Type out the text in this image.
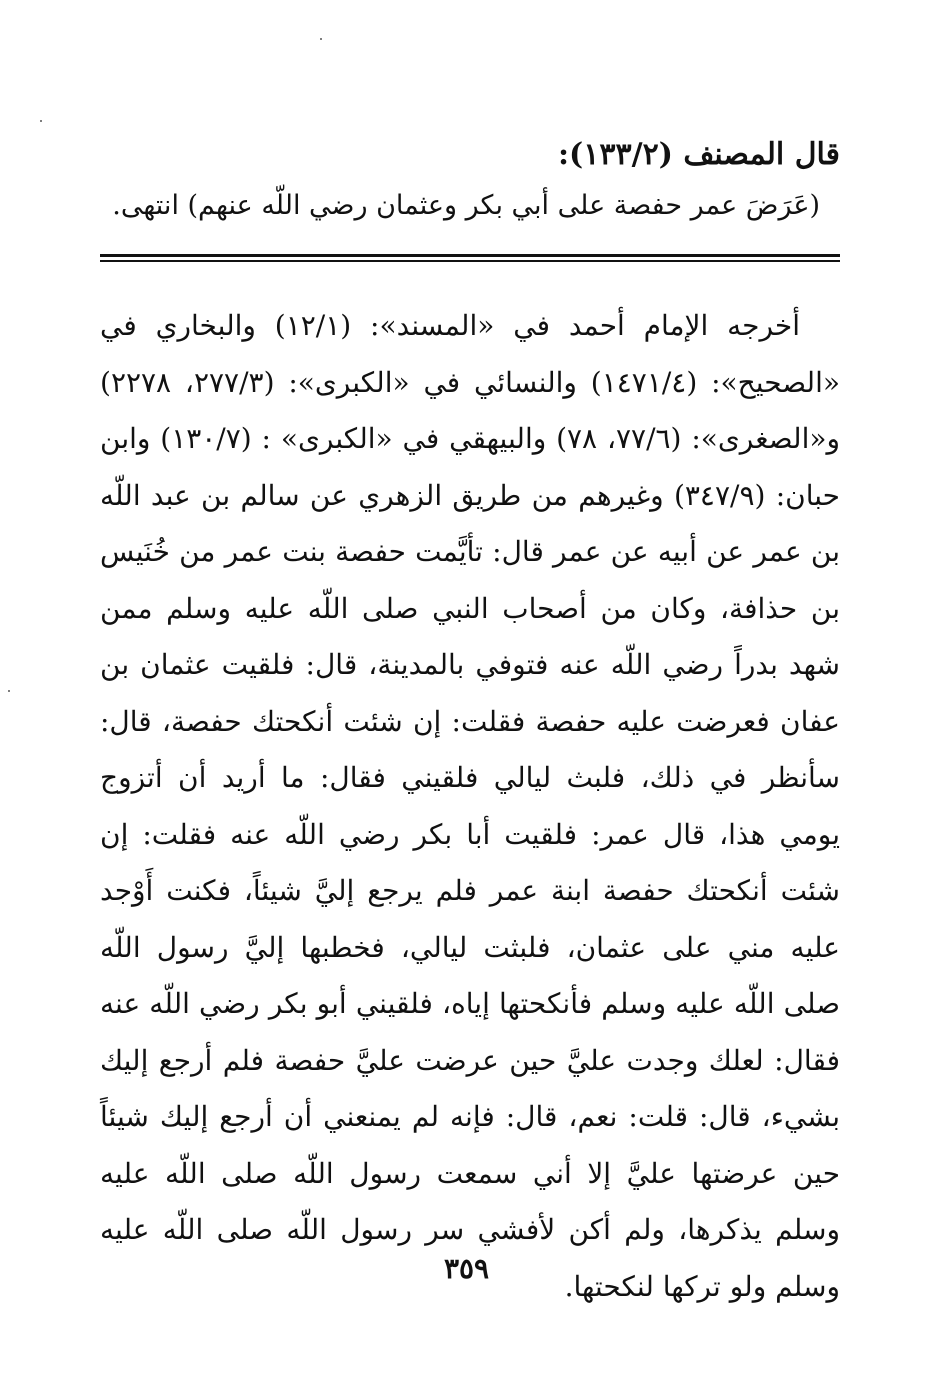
قال المصنف (١٣٣/٢):

(عَرَضَ عمر حفصة على أبي بكر وعثمان رضي اللّه عنهم) انتهى.

أخرجه الإمام أحمد في «المسند»: (١٢/١) والبخاري في «الصحيح»: (١٤٧١/٤) والنسائي في «الكبرى»: (٢٧٧/٣، ٢٢٧٨) و«الصغرى»: (٧٧/٦، ٧٨) والبيهقي في «الكبرى» : (١٣٠/٧) وابن حبان: (٣٤٧/٩) وغيرهم من طريق الزهري عن سالم بن عبد اللّه بن عمر عن أبيه عن عمر قال: تأيَّمت حفصة بنت عمر من خُنَيس بن حذافة، وكان من أصحاب النبي صلى اللّه عليه وسلم ممن شهد بدراً رضي اللّه عنه فتوفي بالمدينة، قال: فلقيت عثمان بن عفان فعرضت عليه حفصة فقلت: إن شئت أنكحتك حفصة، قال: سأنظر في ذلك، فلبث ليالي فلقيني فقال: ما أريد أن أتزوج يومي هذا، قال عمر: فلقيت أبا بكر رضي اللّه عنه فقلت: إن شئت أنكحتك حفصة ابنة عمر فلم يرجع إليَّ شيئاً، فكنت أَوْجد عليه مني على عثمان، فلبثت ليالي، فخطبها إليَّ رسول اللّه صلى اللّه عليه وسلم فأنكحتها إياه، فلقيني أبو بكر رضي اللّه عنه فقال: لعلك وجدت عليَّ حين عرضت عليَّ حفصة فلم أرجع إليك بشيء، قال: قلت: نعم، قال: فإنه لم يمنعني أن أرجع إليك شيئاً حين عرضتها عليَّ إلا أني سمعت رسول اللّه صلى اللّه عليه وسلم يذكرها، ولم أكن لأفشي سر رسول اللّه صلى اللّه عليه وسلم ولو تركها لنكحتها.

٣٥٩
